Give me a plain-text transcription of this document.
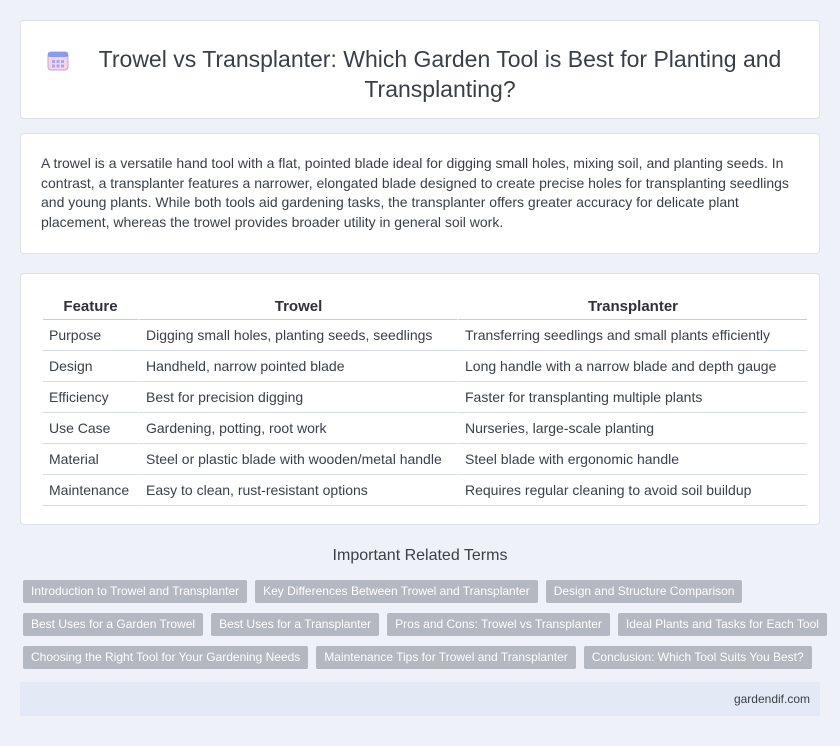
Trowel vs Transplanter: Which Garden Tool is Best for Planting and Transplanting?

A trowel is a versatile hand tool with a flat, pointed blade ideal for digging small holes, mixing soil, and planting seeds. In contrast, a transplanter features a narrower, elongated blade designed to create precise holes for transplanting seedlings and young plants. While both tools aid gardening tasks, the transplanter offers greater accuracy for delicate plant placement, whereas the trowel provides broader utility in general soil work.

Feature	Trowel	Transplanter
Purpose	Digging small holes, planting seeds, seedlings	Transferring seedlings and small plants efficiently
Design	Handheld, narrow pointed blade	Long handle with a narrow blade and depth gauge
Efficiency	Best for precision digging	Faster for transplanting multiple plants
Use Case	Gardening, potting, root work	Nurseries, large-scale planting
Material	Steel or plastic blade with wooden/metal handle	Steel blade with ergonomic handle
Maintenance	Easy to clean, rust-resistant options	Requires regular cleaning to avoid soil buildup
Important Related Terms
Introduction to Trowel and Transplanter	Key Differences Between Trowel and Transplanter	Design and Structure Comparison
Best Uses for a Garden Trowel	Best Uses for a Transplanter	Pros and Cons: Trowel vs Transplanter	Ideal Plants and Tasks for Each Tool
Choosing the Right Tool for Your Gardening Needs	Maintenance Tips for Trowel and Transplanter	Conclusion: Which Tool Suits You Best?
gardendif.com
